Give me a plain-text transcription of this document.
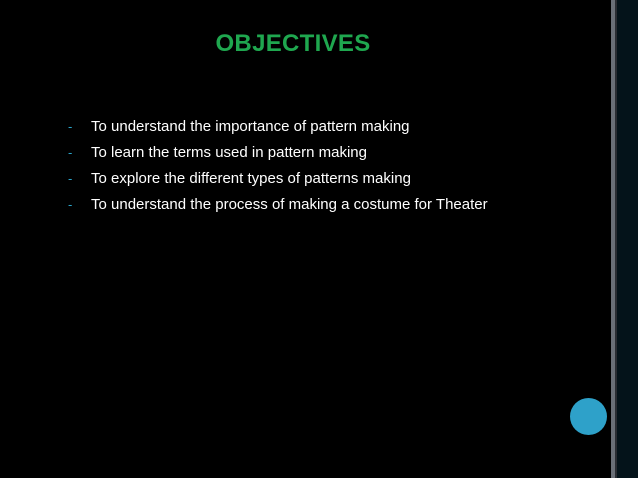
OBJECTIVES
-	To understand the importance of pattern making
-	To learn the terms used in pattern making
-	To explore the different types of patterns making
-	To understand the process of making a costume for Theater
